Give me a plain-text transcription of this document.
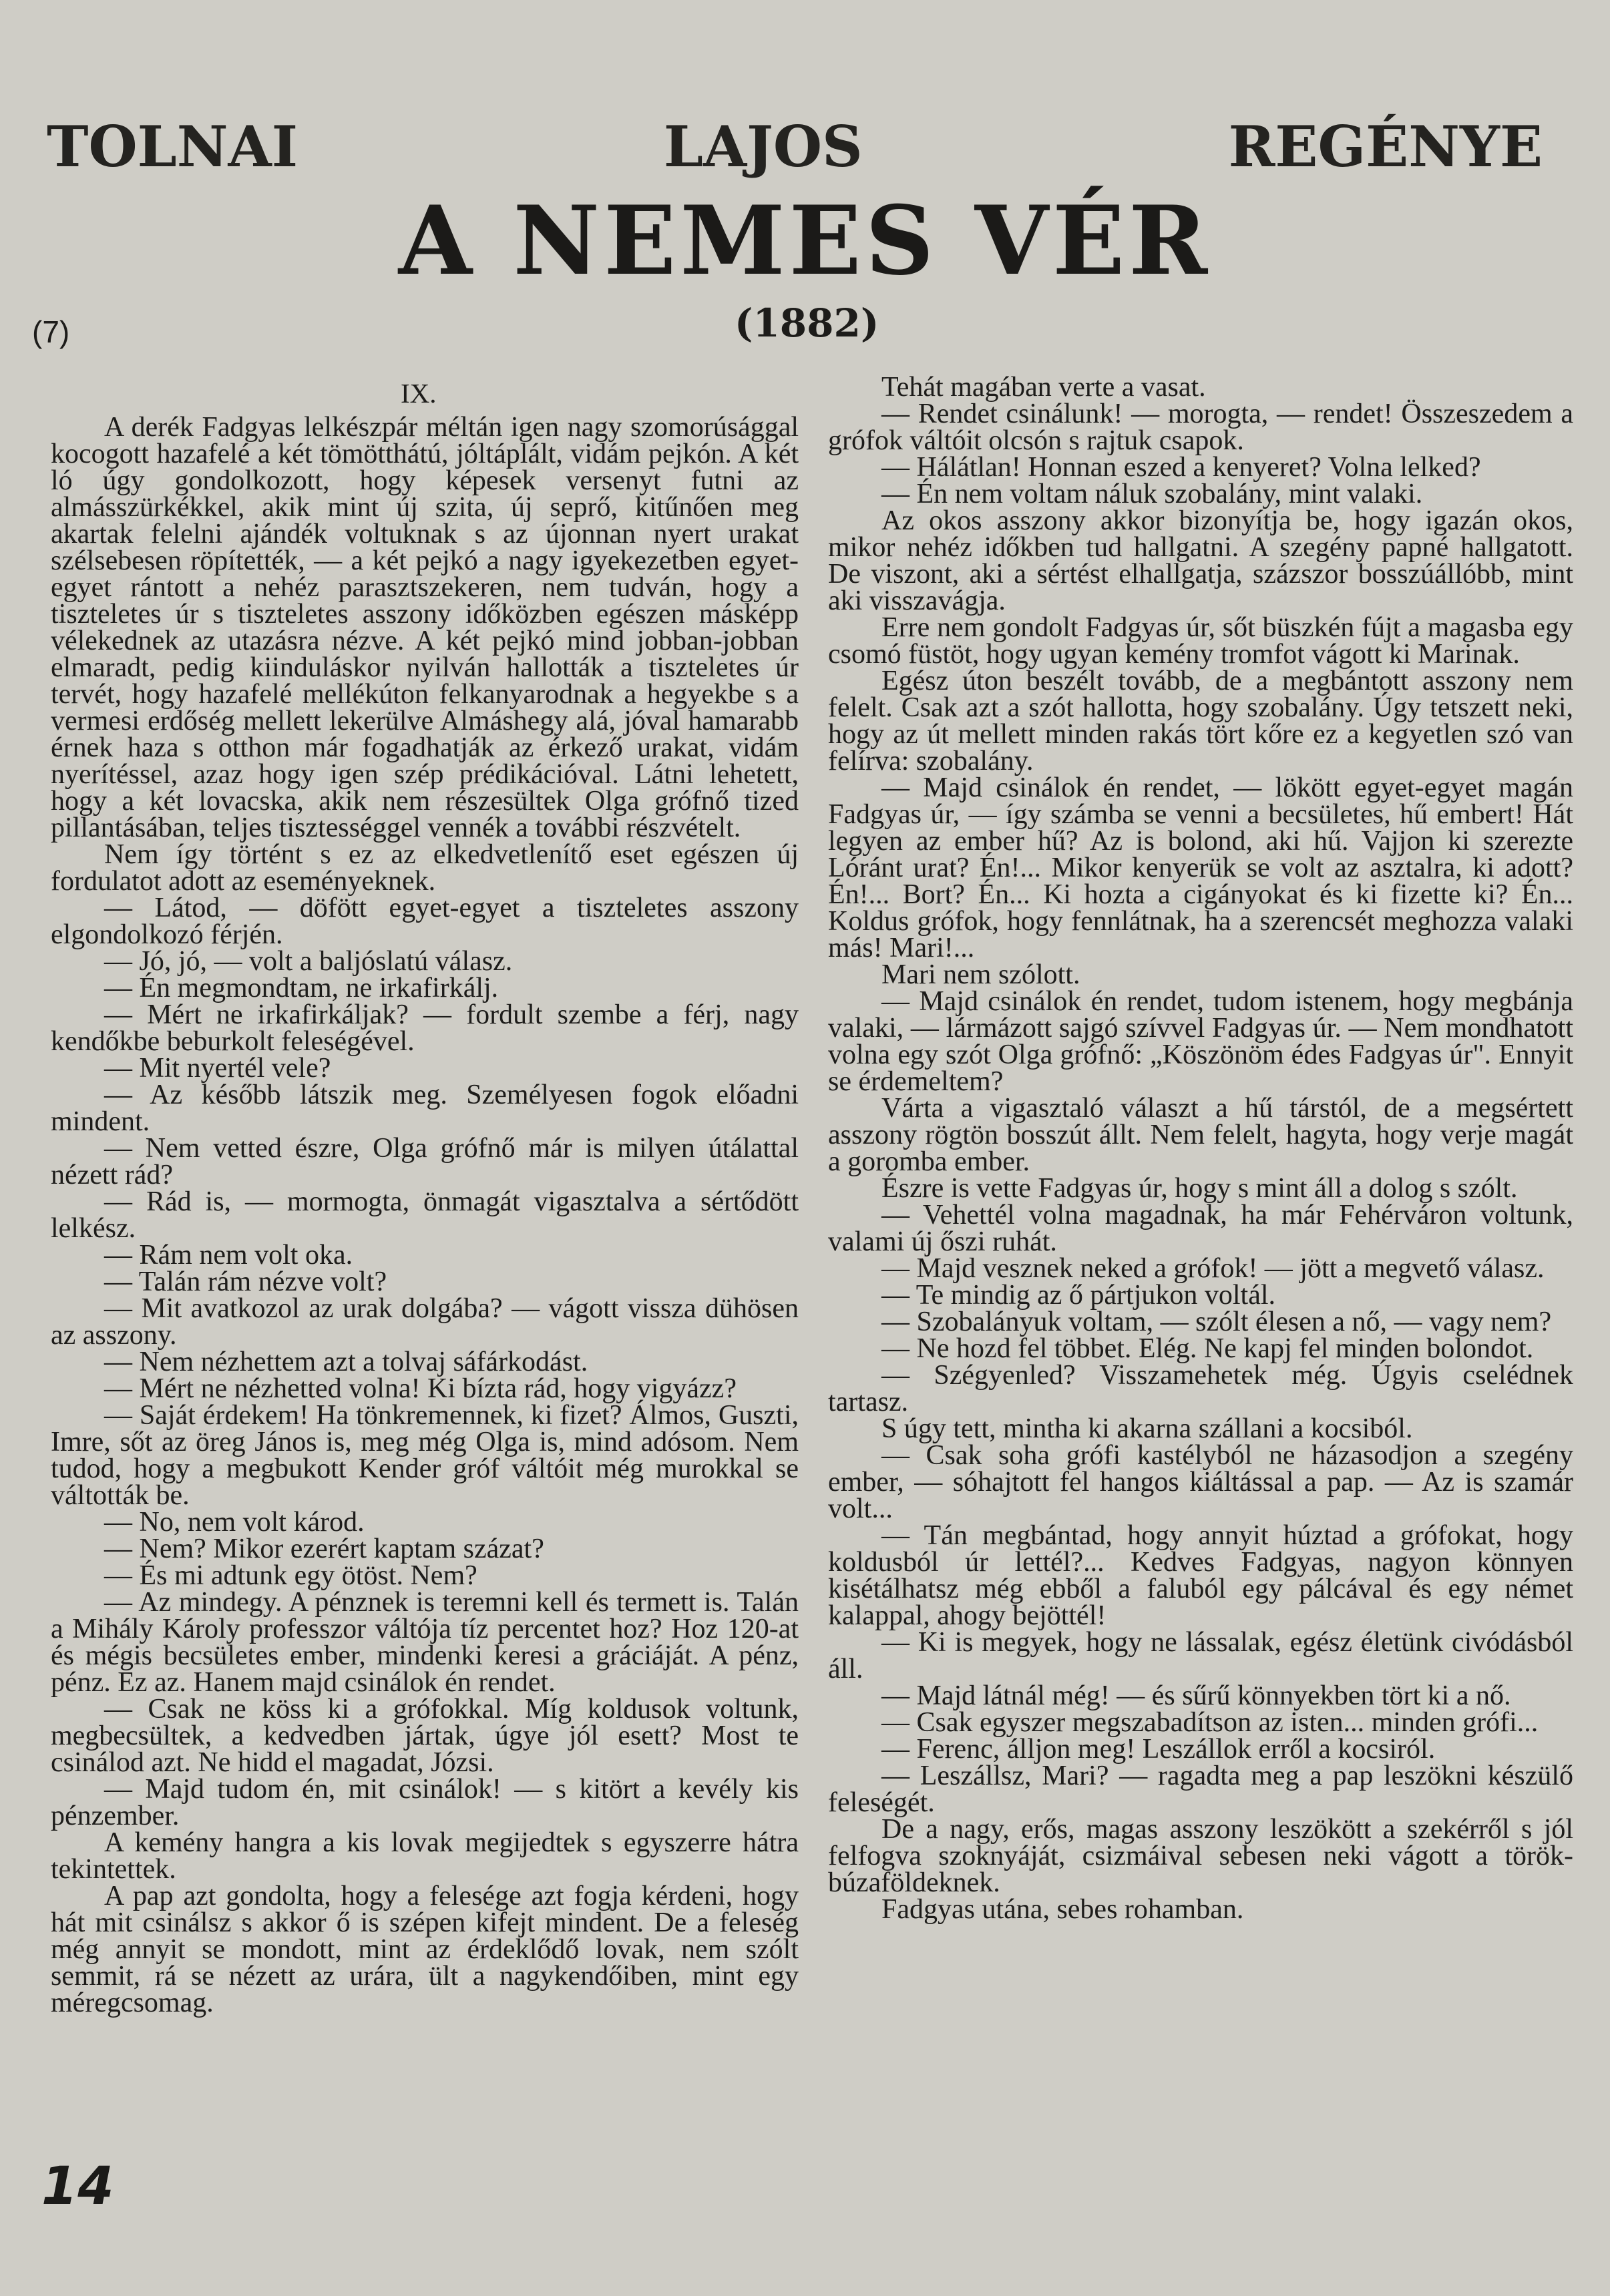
TOLNAI	LAJOS	REGÉNYE
A NEMES VÉR
(7)	(1882)
IX.

A derék Fadgyas lelkészpár méltán igen nagy szomorúsággal kocogott hazafelé a két tömötthátú, jóltáplált, vidám pejkón. A két ló úgy gondolkozott, hogy képesek versenyt futni az almásszürkékkel, akik mint új szita, új seprő, kitűnően meg akartak felelni ajándék voltuknak s az újonnan nyert urakat szélsebesen röpítették, — a két pejkó a nagy igyekezetben egyet-egyet rántott a nehéz parasztszekeren, nem tudván, hogy a tiszteletes úr s tiszteletes asszony időközben egészen másképp vélekednek az utazásra nézve. A két pejkó mind jobban-jobban elmaradt, pedig kiinduláskor nyilván hallották a tiszteletes úr tervét, hogy hazafelé mellékúton felkanyarodnak a hegyekbe s a vermesi erdőség mellett lekerülve Almáshegy alá, jóval hamarabb érnek haza s otthon már fogadhatják az érkező urakat, vidám nyerítéssel, azaz hogy igen szép prédikációval. Látni lehetett, hogy a két lovacska, akik nem részesültek Olga grófnő tized pillantásában, teljes tisztességgel vennék a további részvételt.

Nem így történt s ez az elkedvetlenítő eset egészen új fordulatot adott az eseményeknek.

— Látod, — döfött egyet-egyet a tiszteletes asszony elgondolkozó férjén.

— Jó, jó, — volt a baljóslatú válasz.

— Én megmondtam, ne irkafirkálj.

— Mért ne irkafirkáljak? — fordult szembe a férj, nagy kendőkbe beburkolt feleségével.

— Mit nyertél vele?

— Az később látszik meg. Személyesen fogok előadni mindent.

— Nem vetted észre, Olga grófnő már is milyen útálattal nézett rád?

— Rád is, — mormogta, önmagát vigasztalva a sértődött lelkész.

— Rám nem volt oka.

— Talán rám nézve volt?

— Mit avatkozol az urak dolgába? — vágott vissza dühösen az asszony.

— Nem nézhettem azt a tolvaj sáfárkodást.

— Mért ne nézhetted volna! Ki bízta rád, hogy vigyázz?

— Saját érdekem! Ha tönkremennek, ki fizet? Álmos, Guszti, Imre, sőt az öreg János is, meg még Olga is, mind adósom. Nem tudod, hogy a megbukott Kender gróf váltóit még murokkal se váltották be.

— No, nem volt károd.

— Nem? Mikor ezerért kaptam százat?

— És mi adtunk egy ötöst. Nem?

— Az mindegy. A pénznek is teremni kell és termett is. Talán a Mihály Károly professzor váltója tíz percentet hoz? Hoz 120-at és mégis becsületes ember, mindenki keresi a gráciáját. A pénz, pénz. Ez az. Hanem majd csinálok én rendet.

— Csak ne köss ki a grófokkal. Míg koldusok voltunk, megbecsültek, a kedvedben jártak, úgye jól esett? Most te csinálod azt. Ne hidd el magadat, Józsi.

— Majd tudom én, mit csinálok! — s kitört a kevély kis pénzember.

A kemény hangra a kis lovak megijedtek s egyszerre hátra tekintettek.

A pap azt gondolta, hogy a felesége azt fogja kérdeni, hogy hát mit csinálsz s akkor ő is szépen kifejt mindent. De a feleség még annyit se mondott, mint az érdeklődő lovak, nem szólt semmit, rá se nézett az urára, ült a nagykendőiben, mint egy méregcsomag.

Tehát magában verte a vasat.

— Rendet csinálunk! — morogta, — rendet! Összeszedem a grófok váltóit olcsón s rajtuk csapok.

— Hálátlan! Honnan eszed a kenyeret? Volna lelked?

— Én nem voltam náluk szobalány, mint valaki.

Az okos asszony akkor bizonyítja be, hogy igazán okos, mikor nehéz időkben tud hallgatni. A szegény papné hallgatott. De viszont, aki a sértést elhallgatja, százszor bosszúállóbb, mint aki visszavágja.

Erre nem gondolt Fadgyas úr, sőt büszkén fújt a magasba egy csomó füstöt, hogy ugyan kemény tromfot vágott ki Marinak.

Egész úton beszélt tovább, de a megbántott asszony nem felelt. Csak azt a szót hallotta, hogy szobalány. Úgy tetszett neki, hogy az út mellett minden rakás tört kőre ez a kegyetlen szó van felírva: szobalány.

— Majd csinálok én rendet, — lökött egyet-egyet magán Fadgyas úr, — így számba se venni a becsületes, hű embert! Hát legyen az ember hű? Az is bolond, aki hű. Vajjon ki szerezte Lóránt urat? Én!... Mikor kenyerük se volt az asztalra, ki adott? Én!... Bort? Én... Ki hozta a cigányokat és ki fizette ki? Én... Koldus grófok, hogy fennlátnak, ha a szerencsét meghozza valaki más! Mari!...

Mari nem szólott.

— Majd csinálok én rendet, tudom istenem, hogy megbánja valaki, — lármázott sajgó szívvel Fadgyas úr. — Nem mondhatott volna egy szót Olga grófnő: „Köszönöm édes Fadgyas úr". Ennyit se érdemeltem?

Várta a vigasztaló választ a hű társtól, de a megsértett asszony rögtön bosszút állt. Nem felelt, hagyta, hogy verje magát a goromba ember.

Észre is vette Fadgyas úr, hogy s mint áll a dolog s szólt.

— Vehettél volna magadnak, ha már Fehérváron voltunk, valami új őszi ruhát.

— Majd vesznek neked a grófok! — jött a megvető válasz.

— Te mindig az ő pártjukon voltál.

— Szobalányuk voltam, — szólt élesen a nő, — vagy nem?

— Ne hozd fel többet. Elég. Ne kapj fel minden bolondot.

— Szégyenled? Visszamehetek még. Úgyis cselédnek tartasz.

S úgy tett, mintha ki akarna szállani a kocsiból.

— Csak soha grófi kastélyból ne házasodjon a szegény ember, — sóhajtott fel hangos kiáltással a pap. — Az is szamár volt...

— Tán megbántad, hogy annyit húztad a grófokat, hogy koldusból úr lettél?... Kedves Fadgyas, nagyon könnyen kisétálhatsz még ebből a faluból egy pálcával és egy német kalappal, ahogy bejöttél!

— Ki is megyek, hogy ne lássalak, egész életünk civódásból áll.

— Majd látnál még! — és sűrű könnyekben tört ki a nő.

— Csak egyszer megszabadítson az isten... minden grófi...

— Ferenc, álljon meg! Leszállok erről a kocsiról.

— Leszállsz, Mari? — ragadta meg a pap leszökni készülő feleségét.

De a nagy, erős, magas asszony leszökött a szekérről s jól felfogva szoknyáját, csizmáival sebesen neki vágott a török-búzaföldeknek.

Fadgyas utána, sebes rohamban.

14
